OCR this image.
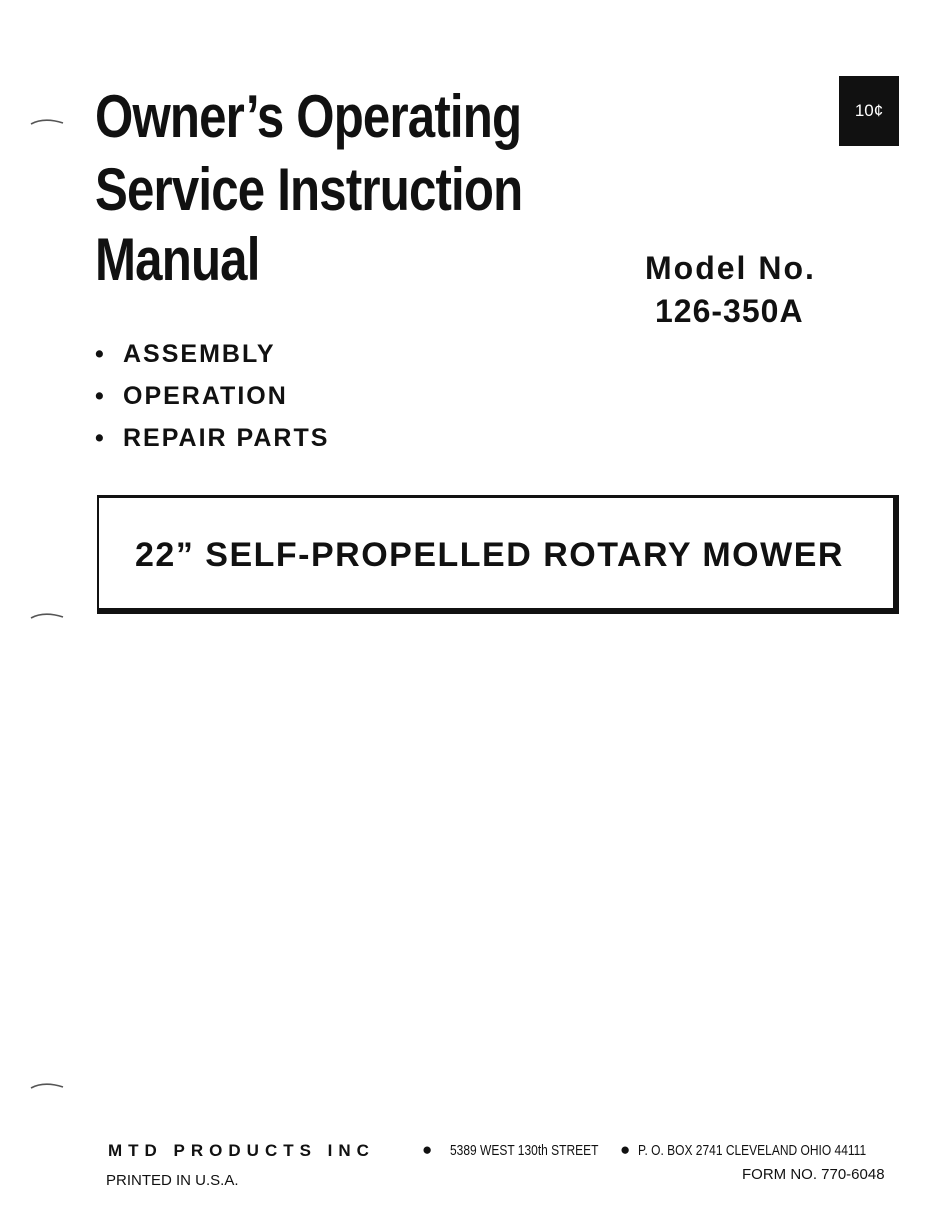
Owner’s Operating
Service Instruction
Manual
10¢
Model No.
126-350A
• ASSEMBLY
• OPERATION
• REPAIR PARTS
22” SELF-PROPELLED ROTARY MOWER
MTD PRODUCTS INC	● 5389 WEST 130th STREET ● P. O. BOX 2741 CLEVELAND OHIO 44111
PRINTED IN U.S.A.	FORM NO. 770-6048
